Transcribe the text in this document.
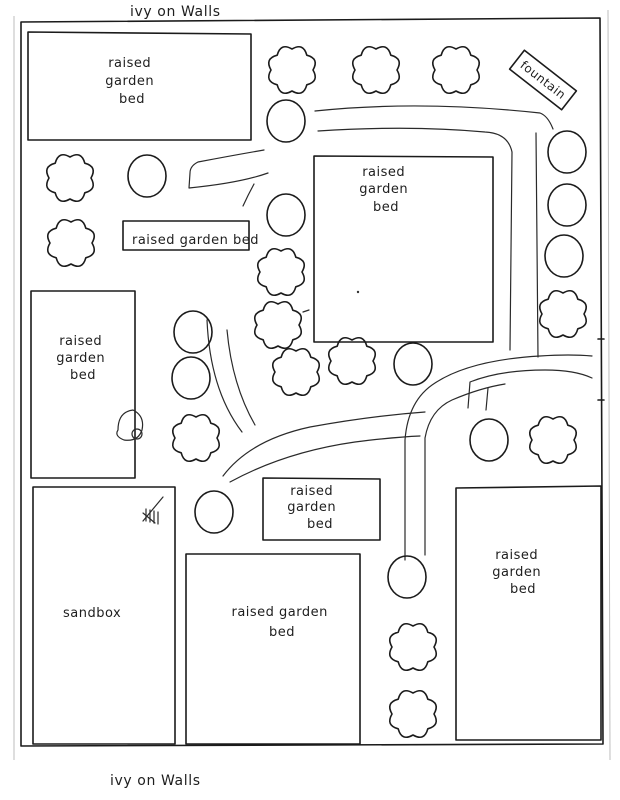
ivy on Walls
ivy on Walls
raised garden bed
raised garden bed
raised garden bed
raised garden bed
raised garden bed
raised garden bed
raised garden bed
sandbox
fountain
